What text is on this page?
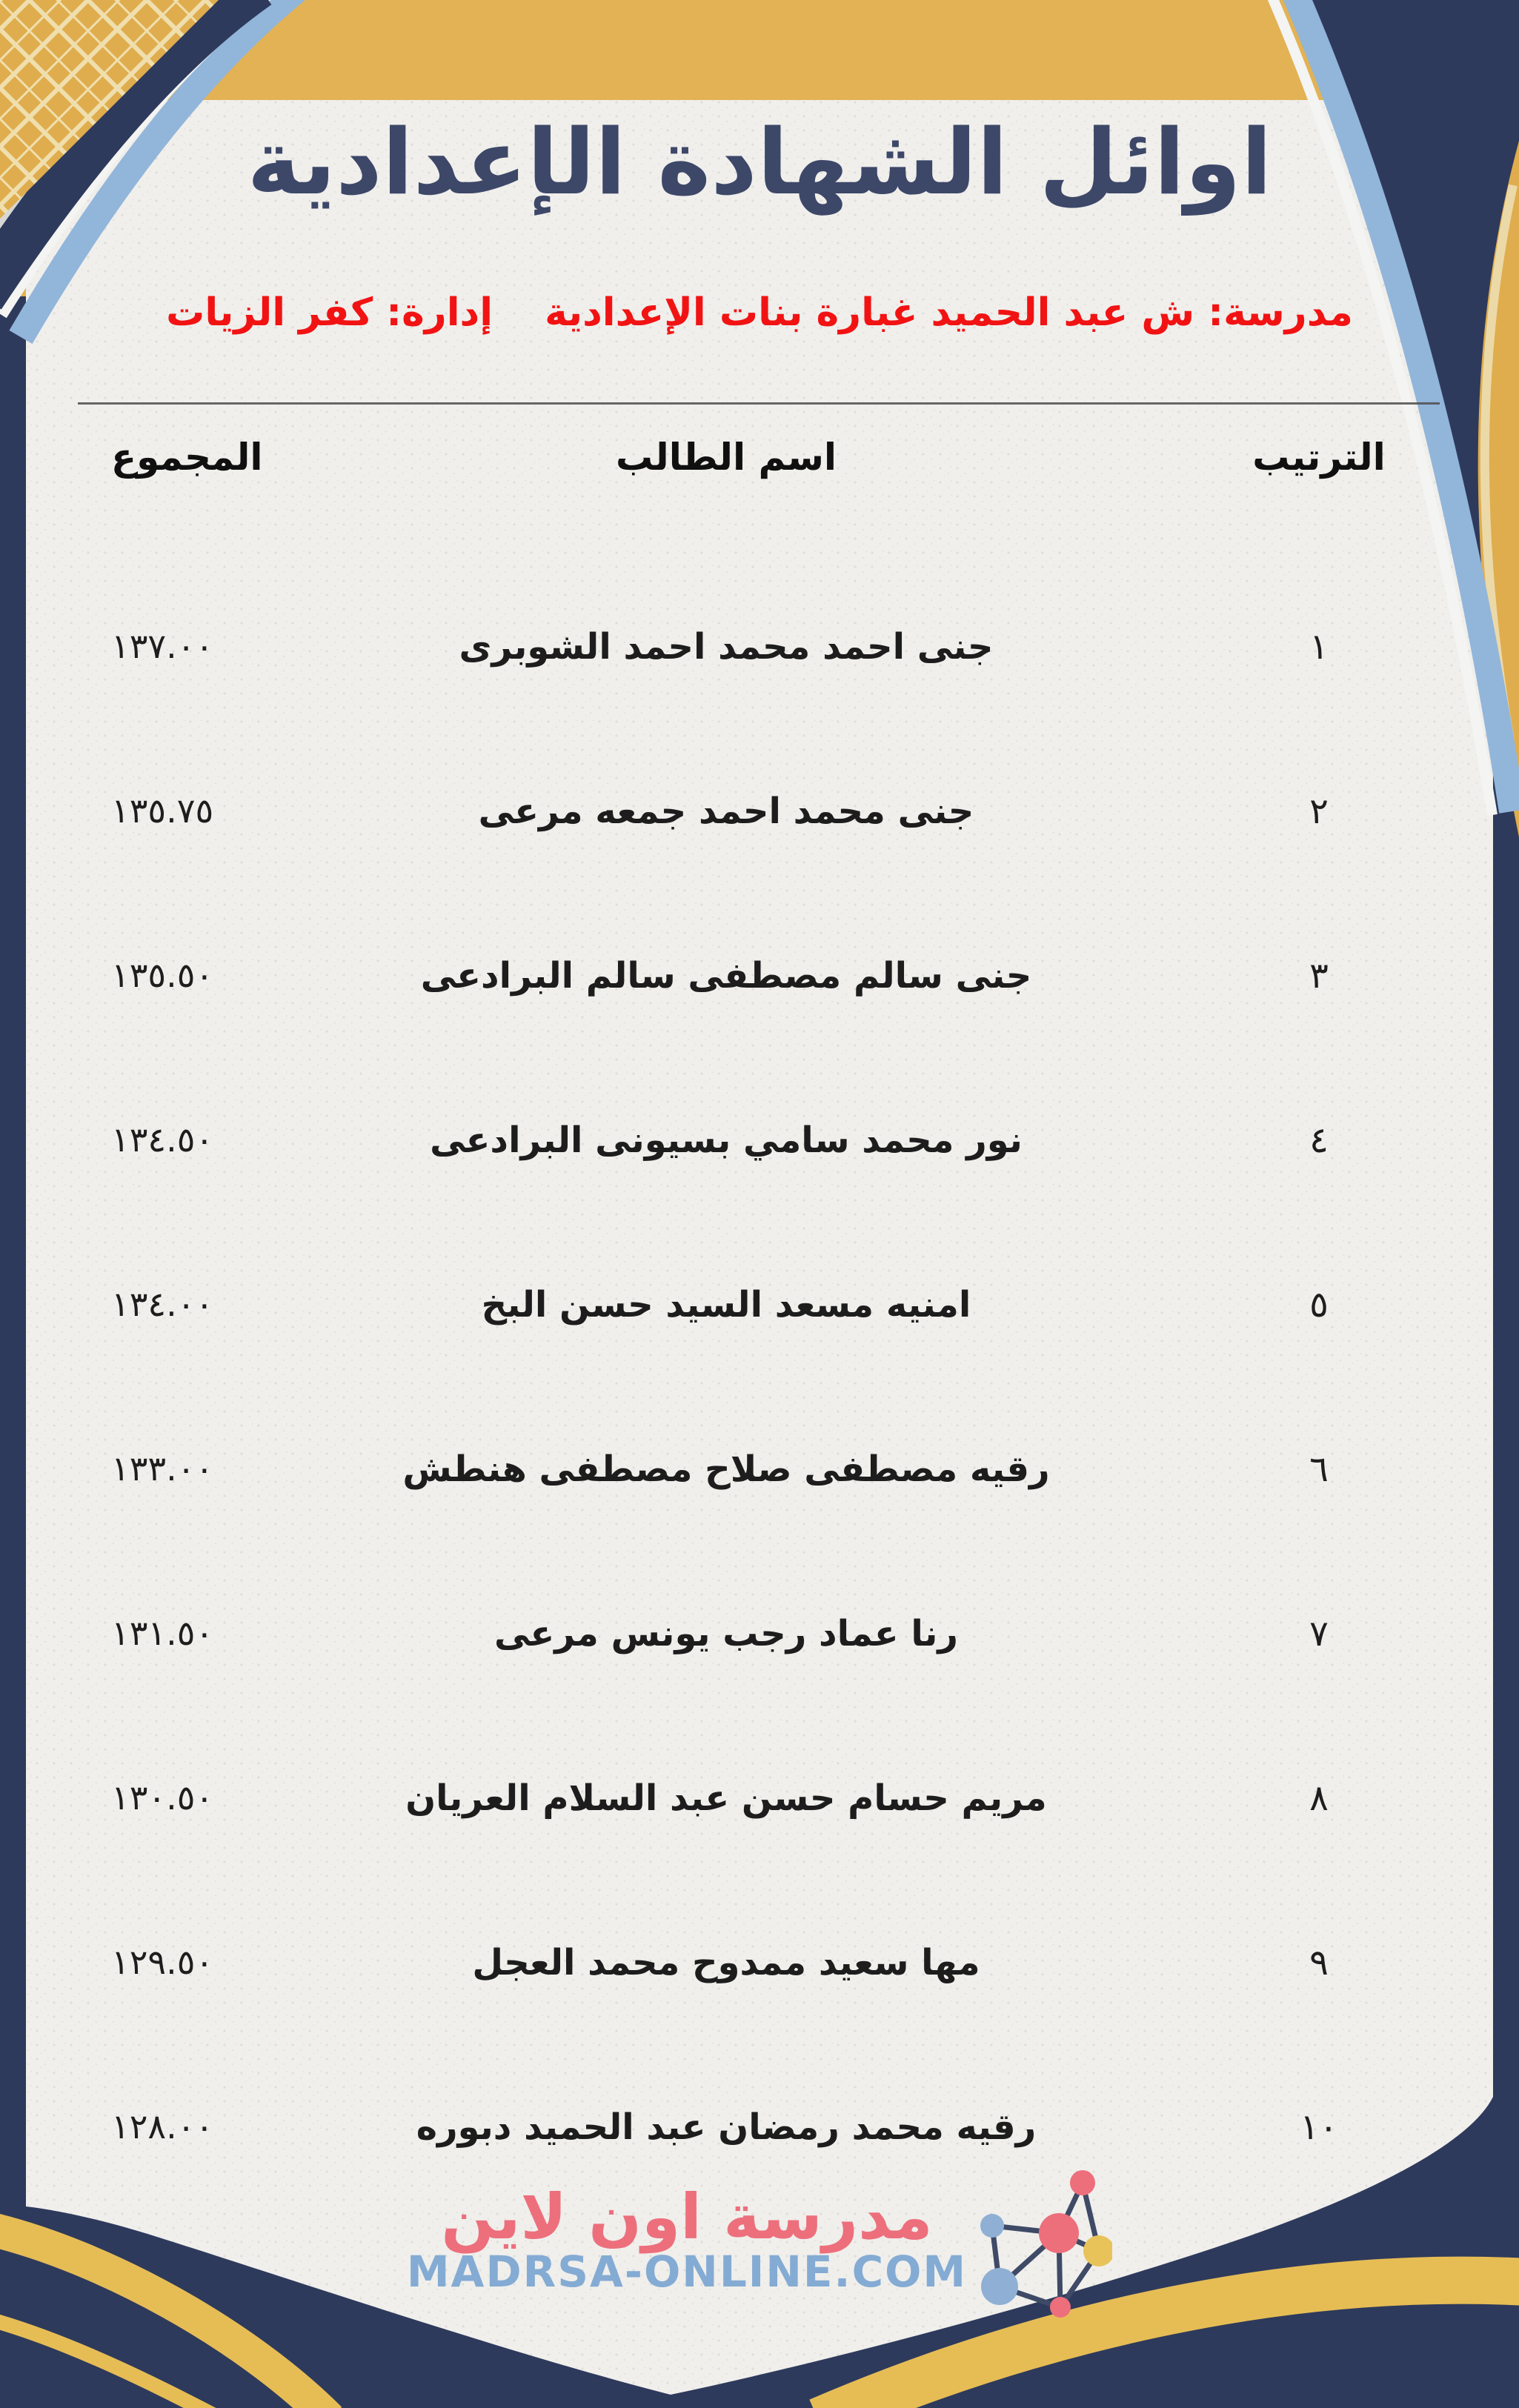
اوائل الشهادة الإعدادية
مدرسة: ش عبد الحميد غبارة بنات الإعدادية
إدارة: كفر الزيات
الترتيب
اسم الطالب
المجموع
١
جنى احمد محمد احمد الشوبرى
١٣٧.٠٠
٢
جنى محمد احمد جمعه مرعى
١٣٥.٧٥
٣
جنى سالم مصطفى سالم البرادعى
١٣٥.٥٠
٤
نور محمد سامي بسيونى البرادعى
١٣٤.٥٠
٥
امنيه مسعد السيد حسن البخ
١٣٤.٠٠
٦
رقيه مصطفى صلاح مصطفى هنطش
١٣٣.٠٠
٧
رنا عماد رجب يونس مرعى
١٣١.٥٠
٨
مريم حسام حسن عبد السلام العريان
١٣٠.٥٠
٩
مها سعيد ممدوح محمد العجل
١٢٩.٥٠
١٠
رقيه محمد رمضان عبد الحميد دبوره
١٢٨.٠٠
مدرسة اون لاين
MADRSA-ONLINE.COM
